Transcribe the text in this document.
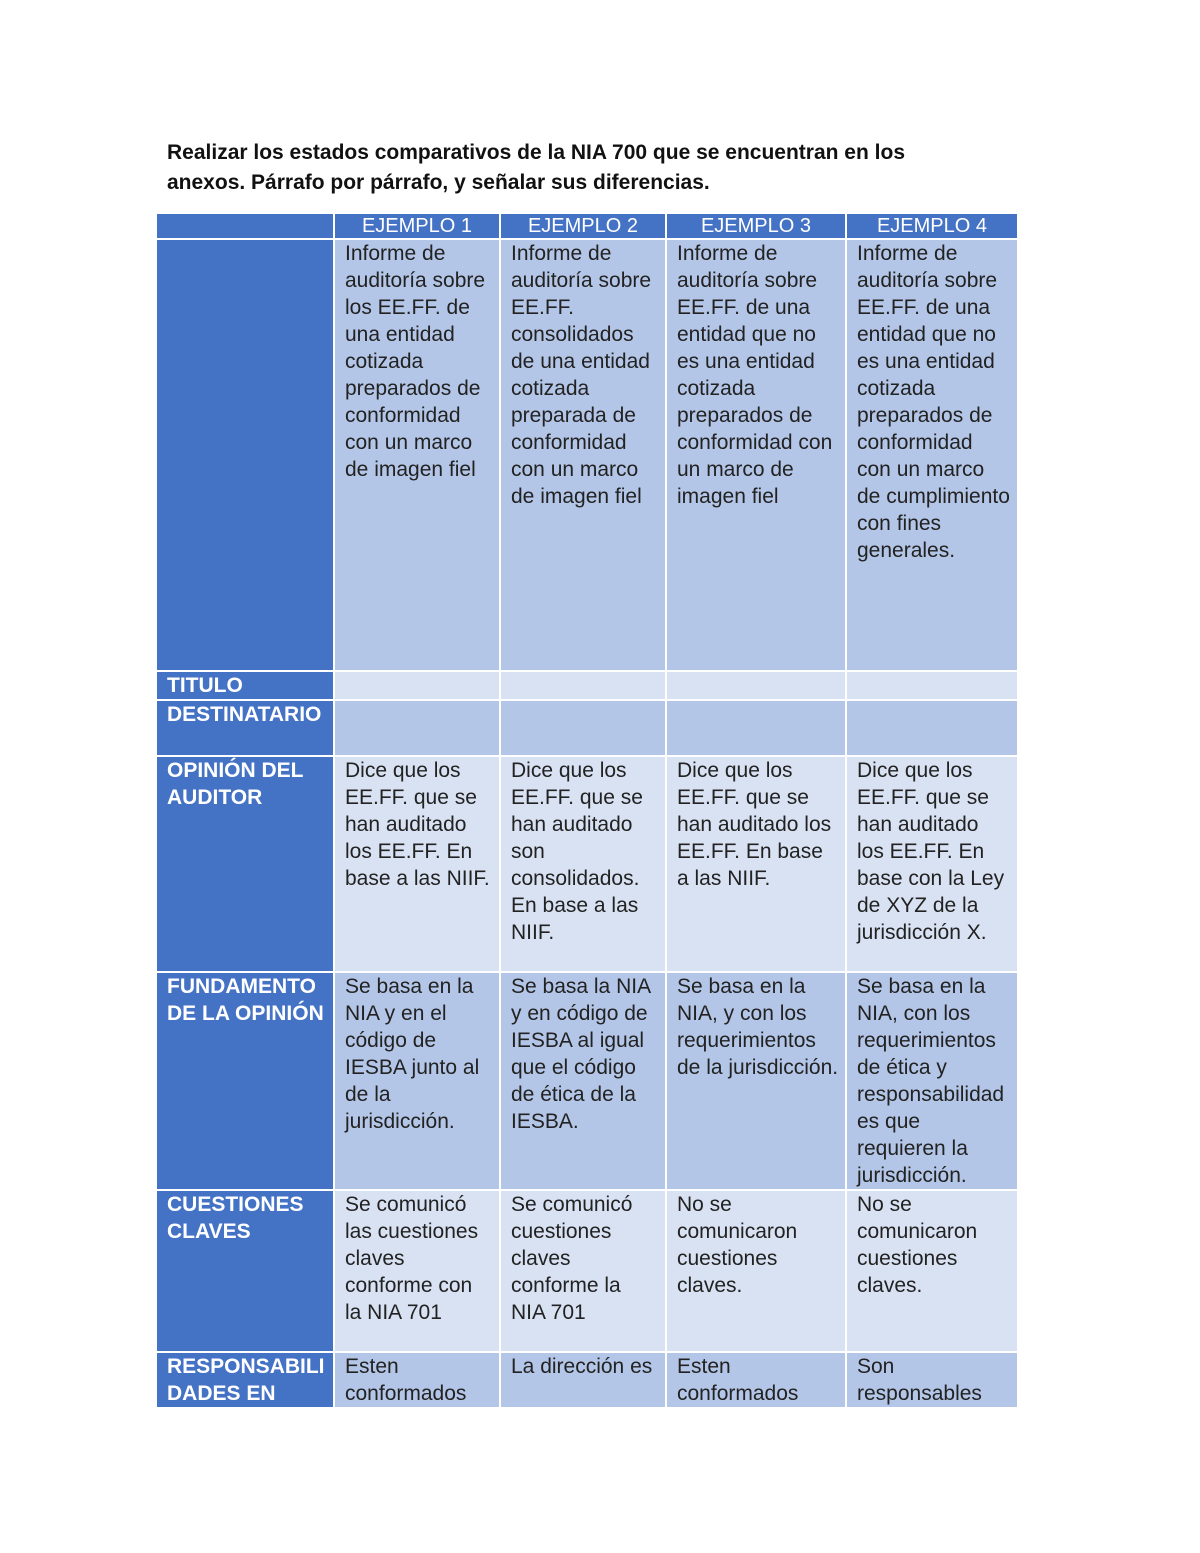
Realizar los estados comparativos de la NIA 700 que se encuentran en los

anexos. Párrafo por párrafo, y señalar sus diferencias.

	EJEMPLO 1	EJEMPLO 2	EJEMPLO 3	EJEMPLO 4
	Informe de auditoría sobre los EE.FF. de una entidad cotizada preparados de conformidad con un marco de imagen fiel	Informe de auditoría sobre EE.FF. consolidados de una entidad cotizada preparada de conformidad con un marco de imagen fiel	Informe de auditoría sobre EE.FF. de una entidad que no es una entidad cotizada preparados de conformidad con un marco de imagen fiel	Informe de auditoría sobre EE.FF. de una entidad que no es una entidad cotizada preparados de conformidad con un marco de cumplimiento con fines generales.
TITULO				
DESTINATARIO				
OPINIÓN DEL AUDITOR	Dice que los EE.FF. que se han auditado los EE.FF. En base a las NIIF.	Dice que los EE.FF. que se han auditado son consolidados. En base a las NIIF.	Dice que los EE.FF. que se han auditado los EE.FF. En base a las NIIF.	Dice que los EE.FF. que se han auditado los EE.FF. En base con la Ley de XYZ de la jurisdicción X.
FUNDAMENTO DE LA OPINIÓN	Se basa en la NIA y en el código de IESBA junto al de la jurisdicción.	Se basa la NIA y en código de IESBA al igual que el código de ética de la IESBA.	Se basa en la NIA, y con los requerimientos de la jurisdicción.	Se basa en la NIA, con los requerimientos de ética y responsabilidades que requieren la jurisdicción.
CUESTIONES CLAVES	Se comunicó las cuestiones claves conforme con la NIA 701	Se comunicó cuestiones claves conforme la NIA 701	No se comunicaron cuestiones claves.	No se comunicaron cuestiones claves.
RESPONSABILIDADES EN	Esten conformados	La dirección es	Esten conformados	Son responsables
